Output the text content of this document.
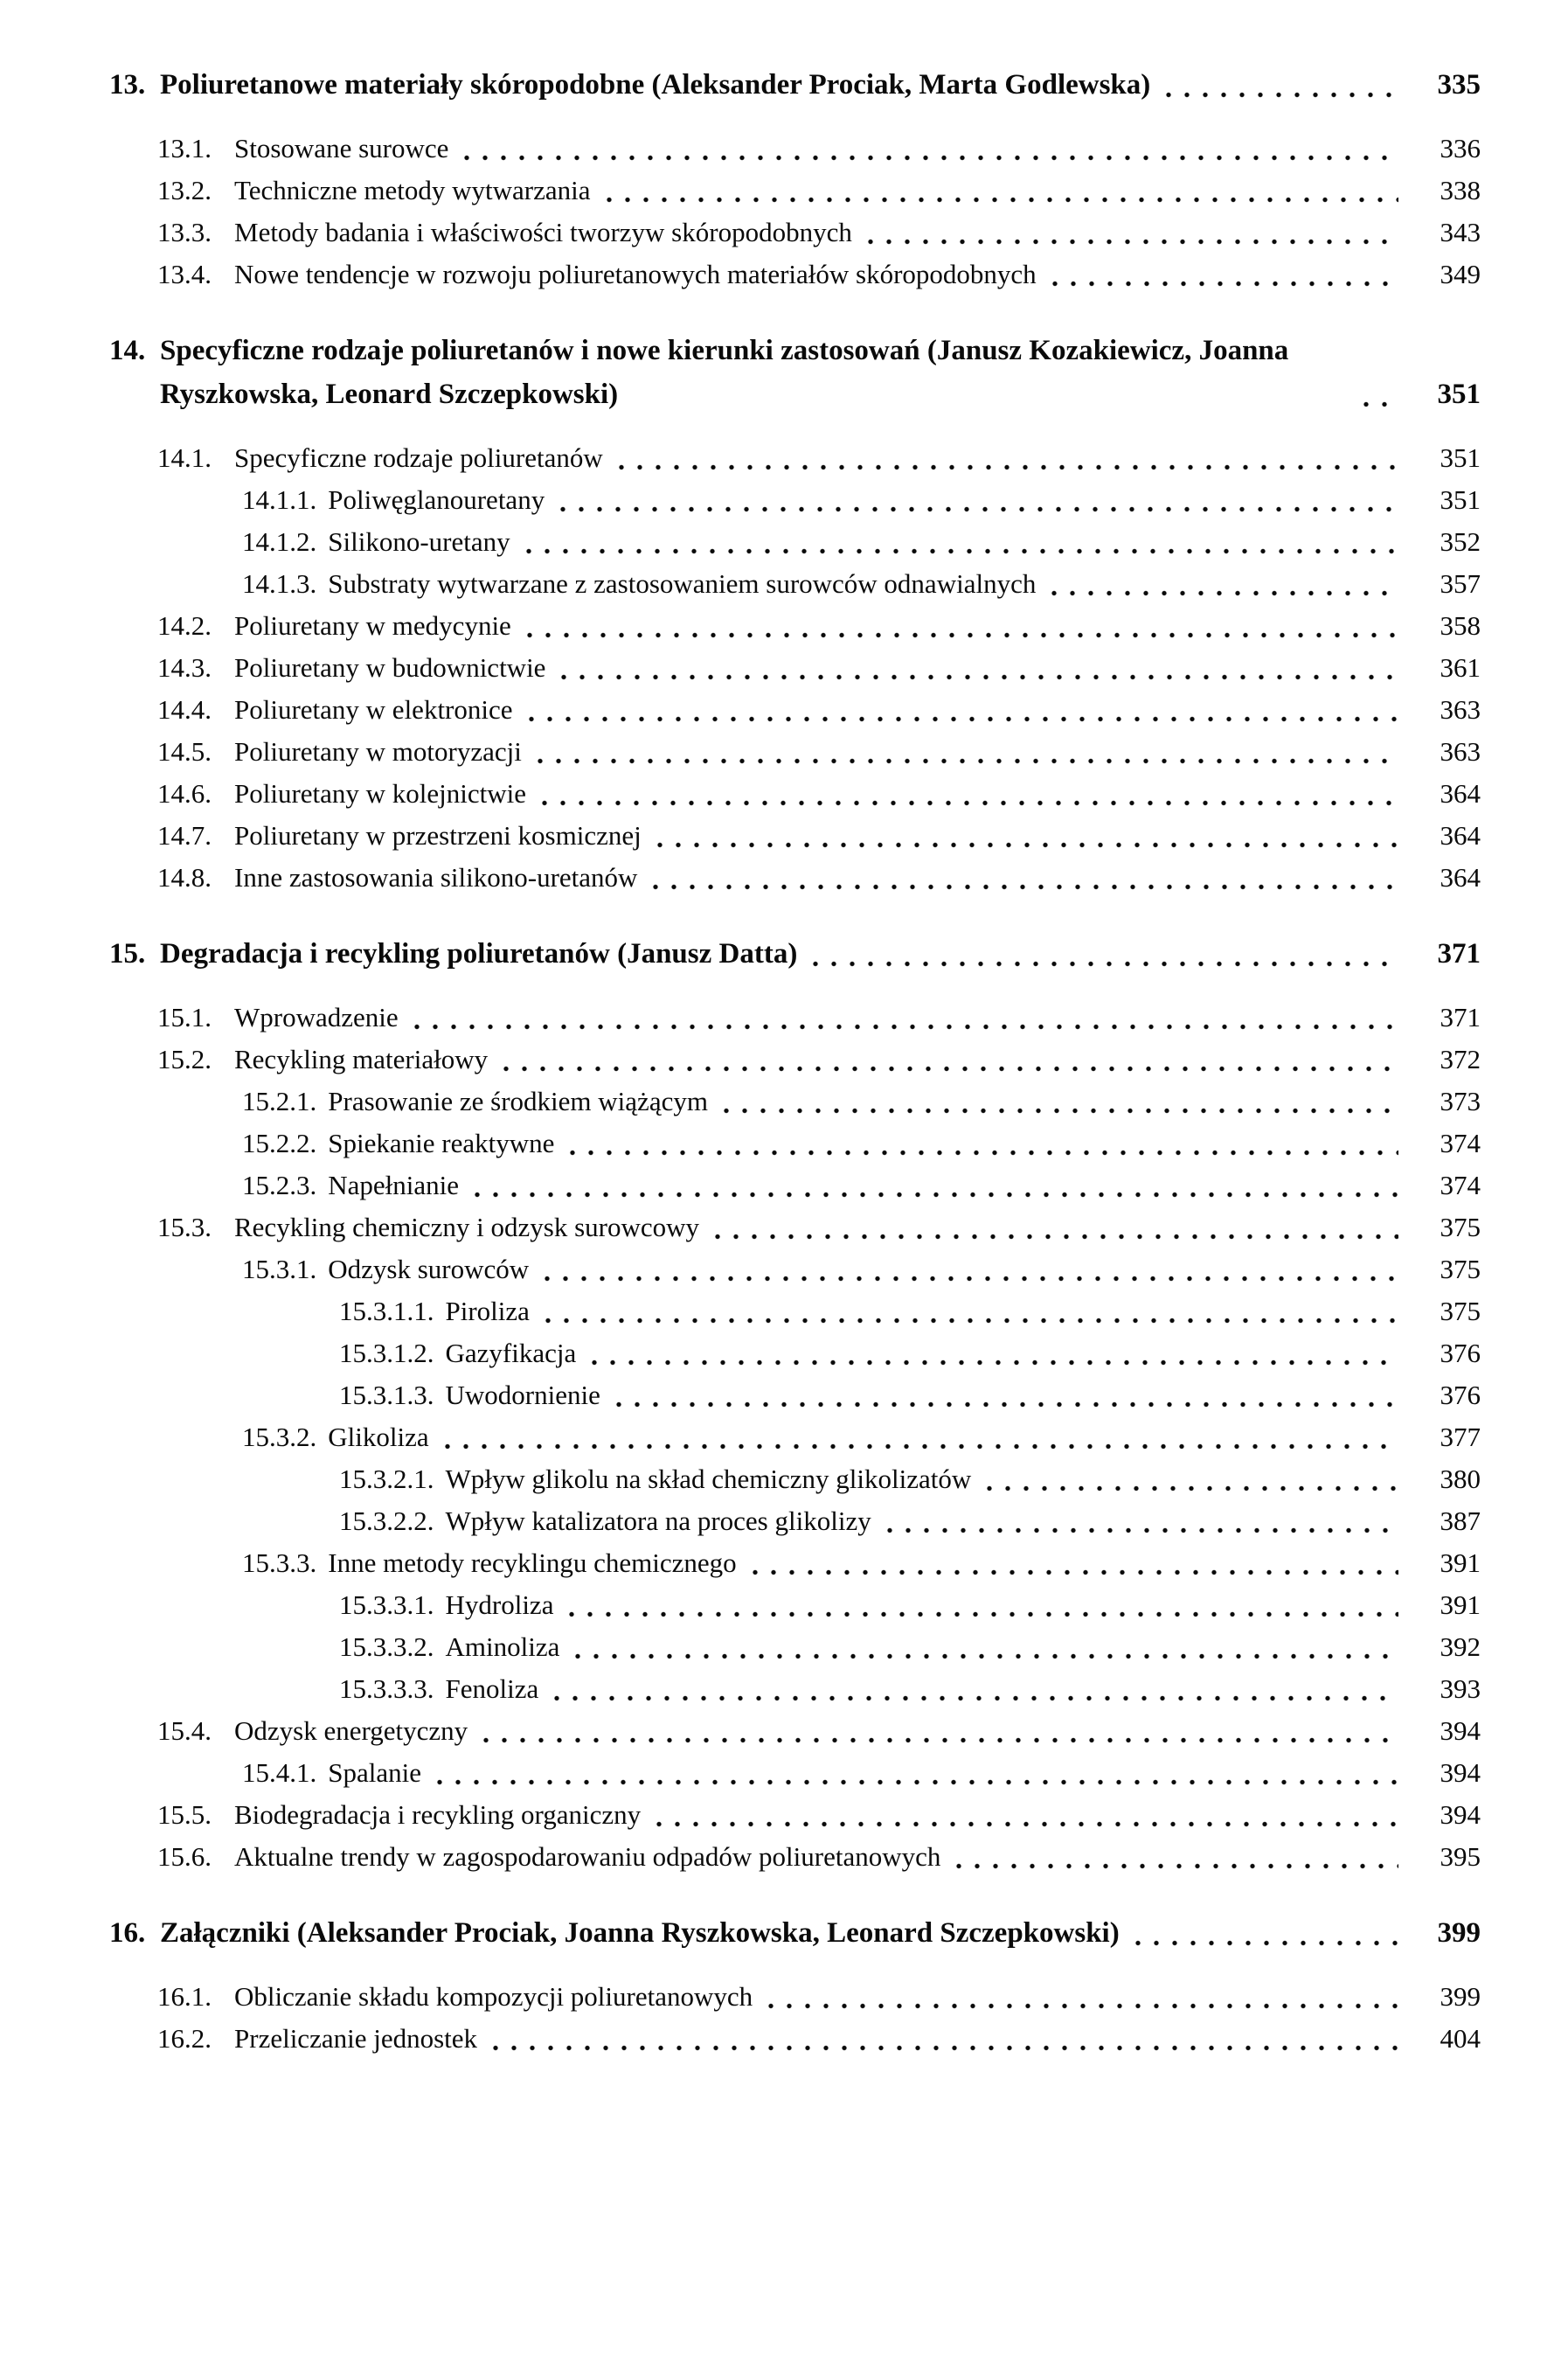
13. Poliuretanowe materiały skóropodobne (Aleksander Prociak, Marta Godlewska)	335
13.1. Stosowane surowce	336
13.2. Techniczne metody wytwarzania	338
13.3. Metody badania i właściwości tworzyw skóropodobnych	343
13.4. Nowe tendencje w rozwoju poliuretanowych materiałów skóropodobnych	349
14. Specyficzne rodzaje poliuretanów i nowe kierunki zastosowań (Janusz Kozakiewicz, Joanna Ryszkowska, Leonard Szczepkowski)	351
14.1. Specyficzne rodzaje poliuretanów	351
14.1.1. Poliwęglanouretany	351
14.1.2. Silikono-uretany	352
14.1.3. Substraty wytwarzane z zastosowaniem surowców odnawialnych	357
14.2. Poliuretany w medycynie	358
14.3. Poliuretany w budownictwie	361
14.4. Poliuretany w elektronice	363
14.5. Poliuretany w motoryzacji	363
14.6. Poliuretany w kolejnictwie	364
14.7. Poliuretany w przestrzeni kosmicznej	364
14.8. Inne zastosowania silikono-uretanów	364
15. Degradacja i recykling poliuretanów (Janusz Datta)	371
15.1. Wprowadzenie	371
15.2. Recykling materiałowy	372
15.2.1. Prasowanie ze środkiem wiążącym	373
15.2.2. Spiekanie reaktywne	374
15.2.3. Napełnianie	374
15.3. Recykling chemiczny i odzysk surowcowy	375
15.3.1. Odzysk surowców	375
15.3.1.1. Piroliza	375
15.3.1.2. Gazyfikacja	376
15.3.1.3. Uwodornienie	376
15.3.2. Glikoliza	377
15.3.2.1. Wpływ glikolu na skład chemiczny glikolizatów	380
15.3.2.2. Wpływ katalizatora na proces glikolizy	387
15.3.3. Inne metody recyklingu chemicznego	391
15.3.3.1. Hydroliza	391
15.3.3.2. Aminoliza	392
15.3.3.3. Fenoliza	393
15.4. Odzysk energetyczny	394
15.4.1. Spalanie	394
15.5. Biodegradacja i recykling organiczny	394
15.6. Aktualne trendy w zagospodarowaniu odpadów poliuretanowych	395
16. Załączniki (Aleksander Prociak, Joanna Ryszkowska, Leonard Szczepkowski)	399
16.1. Obliczanie składu kompozycji poliuretanowych	399
16.2. Przeliczanie jednostek	404
